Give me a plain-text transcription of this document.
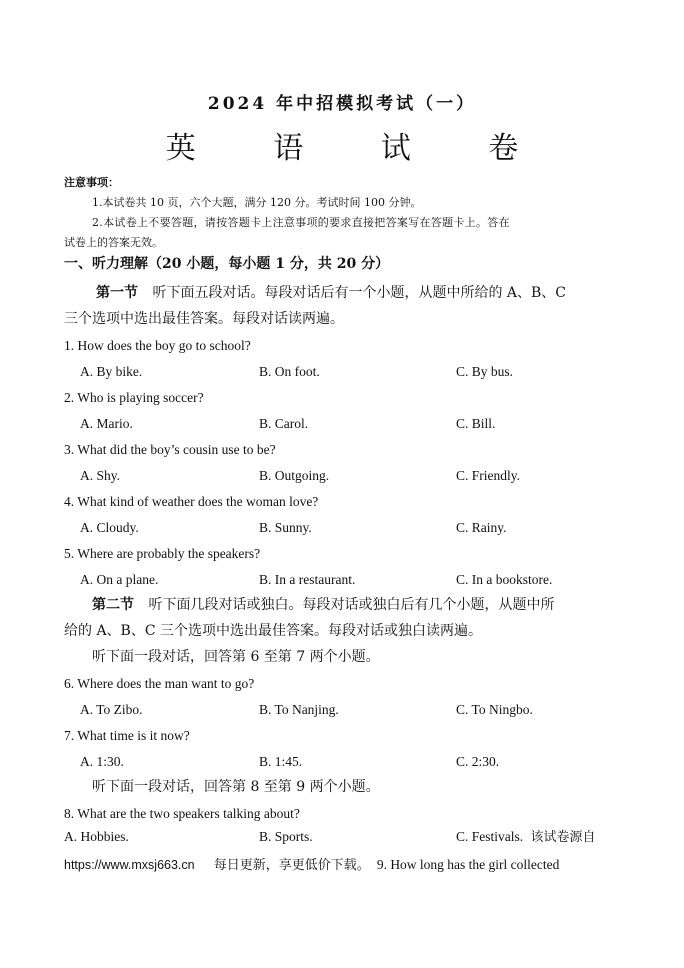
2024 年中招模拟考试（一）
英 语 试 卷
注意事项：
1.本试卷共 10 页，六个大题，满分 120 分。考试时间 100 分钟。
2.本试卷上不要答题，请按答题卡上注意事项的要求直接把答案写在答题卡上。答在
试卷上的答案无效。
一、听力理解（20 小题，每小题 1 分，共 20 分）
第一节 听下面五段对话。每段对话后有一个小题，从题中所给的 A、B、C
三个选项中选出最佳答案。每段对话读两遍。
1. How does the boy go to school?
A. By bike.	B. On foot.	C. By bus.
2. Who is playing soccer?
A. Mario.	B. Carol.	C. Bill.
3. What did the boy’s cousin use to be?
A. Shy.	B. Outgoing.	C. Friendly.
4. What kind of weather does the woman love?
A. Cloudy.	B. Sunny.	C. Rainy.
5. Where are probably the speakers?
A. On a plane.	B. In a restaurant.	C. In a bookstore.
第二节 听下面几段对话或独白。每段对话或独白后有几个小题，从题中所
给的 A、B、C 三个选项中选出最佳答案。每段对话或独白读两遍。
听下面一段对话，回答第 6 至第 7 两个小题。
6. Where does the man want to go?
A. To Zibo.	B. To Nanjing.	C. To Ningbo.
7. What time is it now?
A. 1:30.	B. 1:45.	C. 2:30.
听下面一段对话，回答第 8 至第 9 两个小题。
8. What are the two speakers talking about?
A. Hobbies.	B. Sports.	C. Festivals. 该试卷源自
https://www.mxsj663.cn 每日更新，享更低价下载。 9. How long has the girl collected
